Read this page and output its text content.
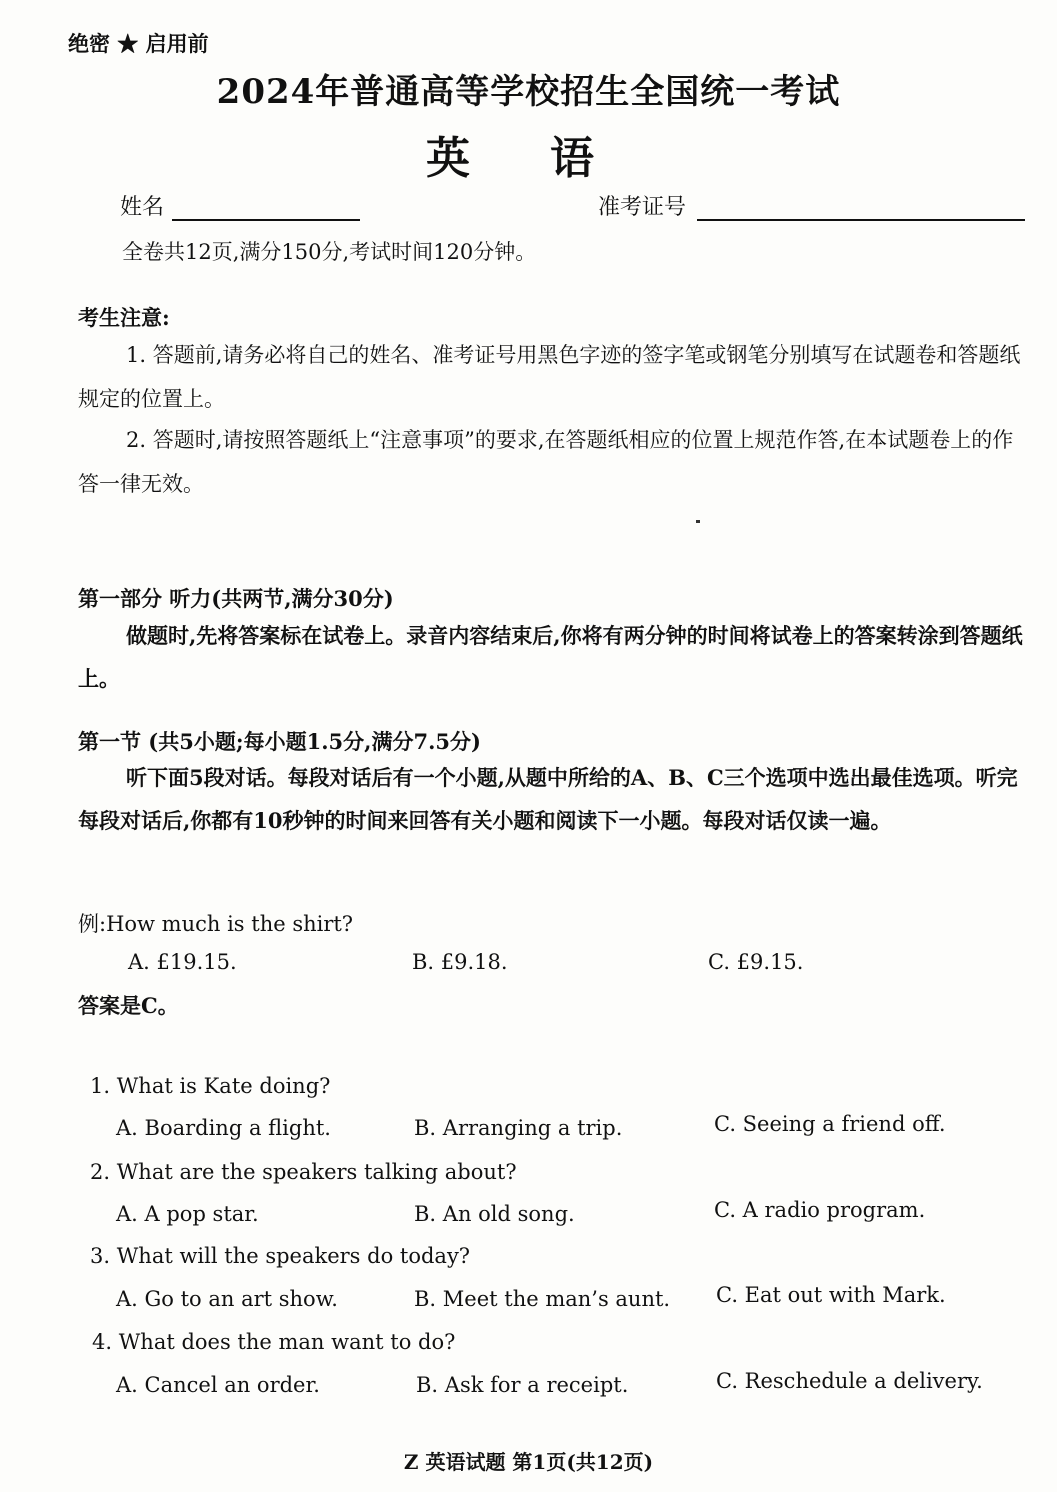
绝密 ★ 启用前
2024年普通高等学校招生全国统一考试
英语
姓名	准考证号
全卷共12页,满分150分,考试时间120分钟。
考生注意:
1. 答题前,请务必将自己的姓名、准考证号用黑色字迹的签字笔或钢笔分别填写在试题卷和答题纸规定的位置上。
2. 答题时,请按照答题纸上“注意事项”的要求,在答题纸相应的位置上规范作答,在本试题卷上的作答一律无效。
第一部分 听力(共两节,满分30分)
做题时,先将答案标在试卷上。录音内容结束后,你将有两分钟的时间将试卷上的答案转涂到答题纸上。
第一节 (共5小题;每小题1.5分,满分7.5分)
听下面5段对话。每段对话后有一个小题,从题中所给的A、B、C三个选项中选出最佳选项。听完每段对话后,你都有10秒钟的时间来回答有关小题和阅读下一小题。每段对话仅读一遍。
例:How much is the shirt?
A. £19.15.	B. £9.18.	C. £9.15.
答案是C。
1. What is Kate doing?
A. Boarding a flight.	B. Arranging a trip.	C. Seeing a friend off.
2. What are the speakers talking about?
A. A pop star.	B. An old song.	C. A radio program.
3. What will the speakers do today?
A. Go to an art show.	B. Meet the man’s aunt. C. Eat out with Mark.
4. What does the man want to do?
A. Cancel an order.	B. Ask for a receipt.	C. Reschedule a delivery.
Z 英语试题 第1页(共12页)
